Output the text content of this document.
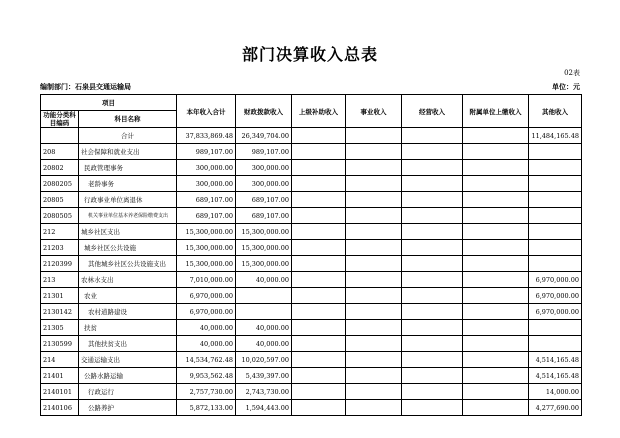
部门决算收入总表
02表
编制部门：石泉县交通运输局	单位：元
项目		本年收入合计	财政拨款收入	上级补助收入	事业收入	经营收入	附属单位上缴收入	其他收入
功能分类科目编码	科目名称							
	合计	37,833,869.48	26,349,704.00					11,484,165.48
208	社会保障和就业支出	989,107.00	989,107.00					
20802	民政管理事务	300,000.00	300,000.00					
2080205	老龄事务	300,000.00	300,000.00					
20805	行政事业单位离退休	689,107.00	689,107.00					
2080505	机关事业单位基本养老保险缴费支出	689,107.00	689,107.00					
212	城乡社区支出	15,300,000.00	15,300,000.00					
21203	城乡社区公共设施	15,300,000.00	15,300,000.00					
2120399	其他城乡社区公共设施支出	15,300,000.00	15,300,000.00					
213	农林水支出	7,010,000.00	40,000.00					6,970,000.00
21301	农业	6,970,000.00						6,970,000.00
2130142	农村道路建设	6,970,000.00						6,970,000.00
21305	扶贫	40,000.00	40,000.00					
2130599	其他扶贫支出	40,000.00	40,000.00					
214	交通运输支出	14,534,762.48	10,020,597.00					4,514,165.48
21401	公路水路运输	9,953,562.48	5,439,397.00					4,514,165.48
2140101	行政运行	2,757,730.00	2,743,730.00					14,000.00
2140106	公路养护	5,872,133.00	1,594,443.00					4,277,690.00
